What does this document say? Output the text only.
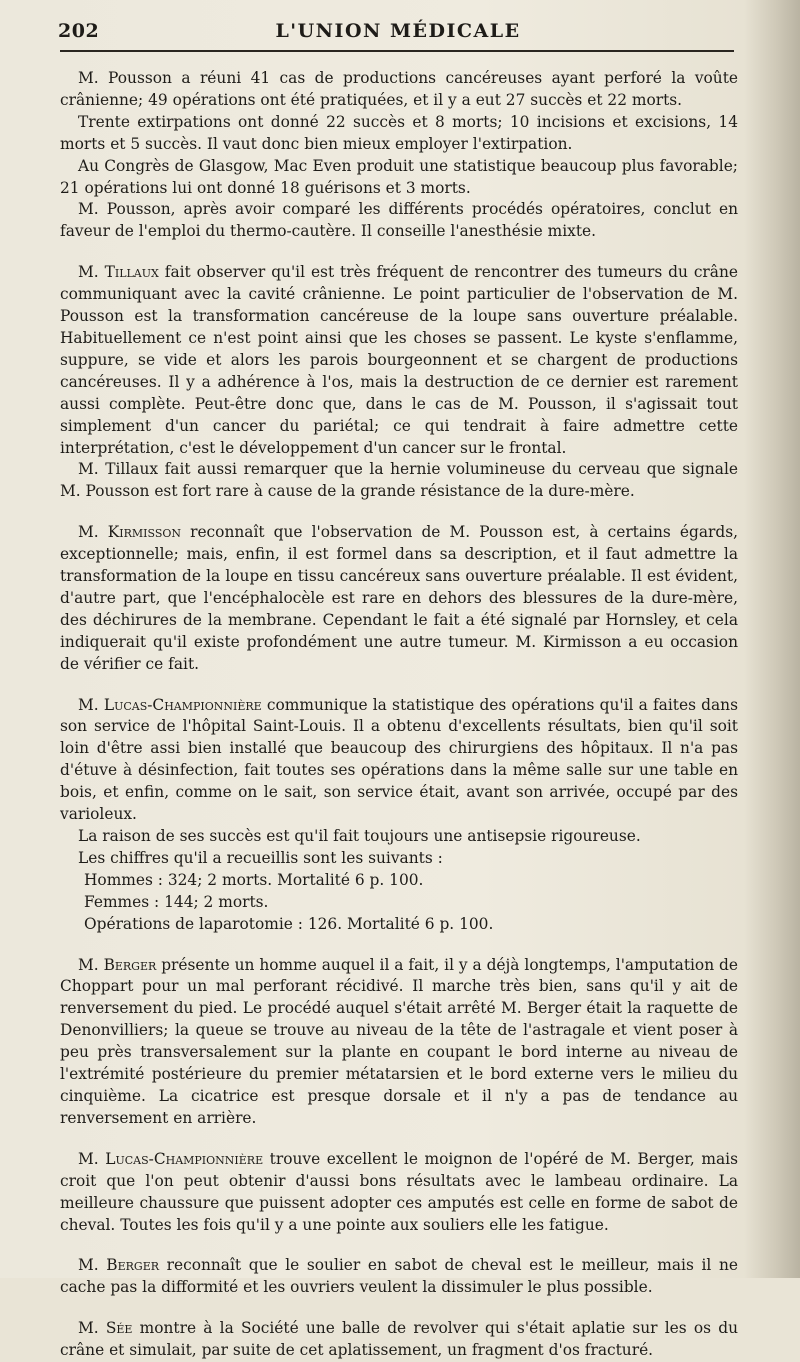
202	L'UNION MÉDICALE

M. Pousson a réuni 41 cas de productions cancéreuses ayant perforé la voûte crânienne; 49 opérations ont été pratiquées, et il y a eut 27 succès et 22 morts.

Trente extirpations ont donné 22 succès et 8 morts; 10 incisions et excisions, 14 morts et 5 succès. Il vaut donc bien mieux employer l'extirpation.

Au Congrès de Glasgow, Mac Even produit une statistique beaucoup plus favorable; 21 opérations lui ont donné 18 guérisons et 3 morts.

M. Pousson, après avoir comparé les différents procédés opératoires, conclut en faveur de l'emploi du thermo-cautère. Il conseille l'anesthésie mixte.

M. Tillaux fait observer qu'il est très fréquent de rencontrer des tumeurs du crâne communiquant avec la cavité crânienne. Le point particulier de l'observation de M. Pousson est la transformation cancéreuse de la loupe sans ouverture préalable. Habituellement ce n'est point ainsi que les choses se passent. Le kyste s'enflamme, suppure, se vide et alors les parois bourgeonnent et se chargent de productions cancéreuses. Il y a adhérence à l'os, mais la destruction de ce dernier est rarement aussi complète. Peut-être donc que, dans le cas de M. Pousson, il s'agissait tout simplement d'un cancer du pariétal; ce qui tendrait à faire admettre cette interprétation, c'est le développement d'un cancer sur le frontal.

M. Tillaux fait aussi remarquer que la hernie volumineuse du cerveau que signale M. Pousson est fort rare à cause de la grande résistance de la dure-mère.

M. Kirmisson reconnaît que l'observation de M. Pousson est, à certains égards, exceptionnelle; mais, enfin, il est formel dans sa description, et il faut admettre la transformation de la loupe en tissu cancéreux sans ouverture préalable. Il est évident, d'autre part, que l'encéphalocèle est rare en dehors des blessures de la dure-mère, des déchirures de la membrane. Cependant le fait a été signalé par Hornsley, et cela indiquerait qu'il existe profondément une autre tumeur. M. Kirmisson a eu occasion de vérifier ce fait.

M. Lucas-Championnière communique la statistique des opérations qu'il a faites dans son service de l'hôpital Saint-Louis. Il a obtenu d'excellents résultats, bien qu'il soit loin d'être assi bien installé que beaucoup des chirurgiens des hôpitaux. Il n'a pas d'étuve à désinfection, fait toutes ses opérations dans la même salle sur une table en bois, et enfin, comme on le sait, son service était, avant son arrivée, occupé par des varioleux.

La raison de ses succès est qu'il fait toujours une antisepsie rigoureuse.

Les chiffres qu'il a recueillis sont les suivants :

Hommes : 324; 2 morts. Mortalité 6 p. 100.

Femmes : 144; 2 morts.

Opérations de laparotomie : 126. Mortalité 6 p. 100.

M. Berger présente un homme auquel il a fait, il y a déjà longtemps, l'amputation de Choppart pour un mal perforant récidivé. Il marche très bien, sans qu'il y ait de renversement du pied. Le procédé auquel s'était arrêté M. Berger était la raquette de Denonvilliers; la queue se trouve au niveau de la tête de l'astragale et vient poser à peu près transversalement sur la plante en coupant le bord interne au niveau de l'extrémité postérieure du premier métatarsien et le bord externe vers le milieu du cinquième. La cicatrice est presque dorsale et il n'y a pas de tendance au renversement en arrière.

M. Lucas-Championnière trouve excellent le moignon de l'opéré de M. Berger, mais croit que l'on peut obtenir d'aussi bons résultats avec le lambeau ordinaire. La meilleure chaussure que puissent adopter ces amputés est celle en forme de sabot de cheval. Toutes les fois qu'il y a une pointe aux souliers elle les fatigue.

M. Berger reconnaît que le soulier en sabot de cheval est le meilleur, mais il ne cache pas la difformité et les ouvriers veulent la dissimuler le plus possible.

M. Sée montre à la Société une balle de revolver qui s'était aplatie sur les os du crâne et simulait, par suite de cet aplatissement, un fragment d'os fracturé.
